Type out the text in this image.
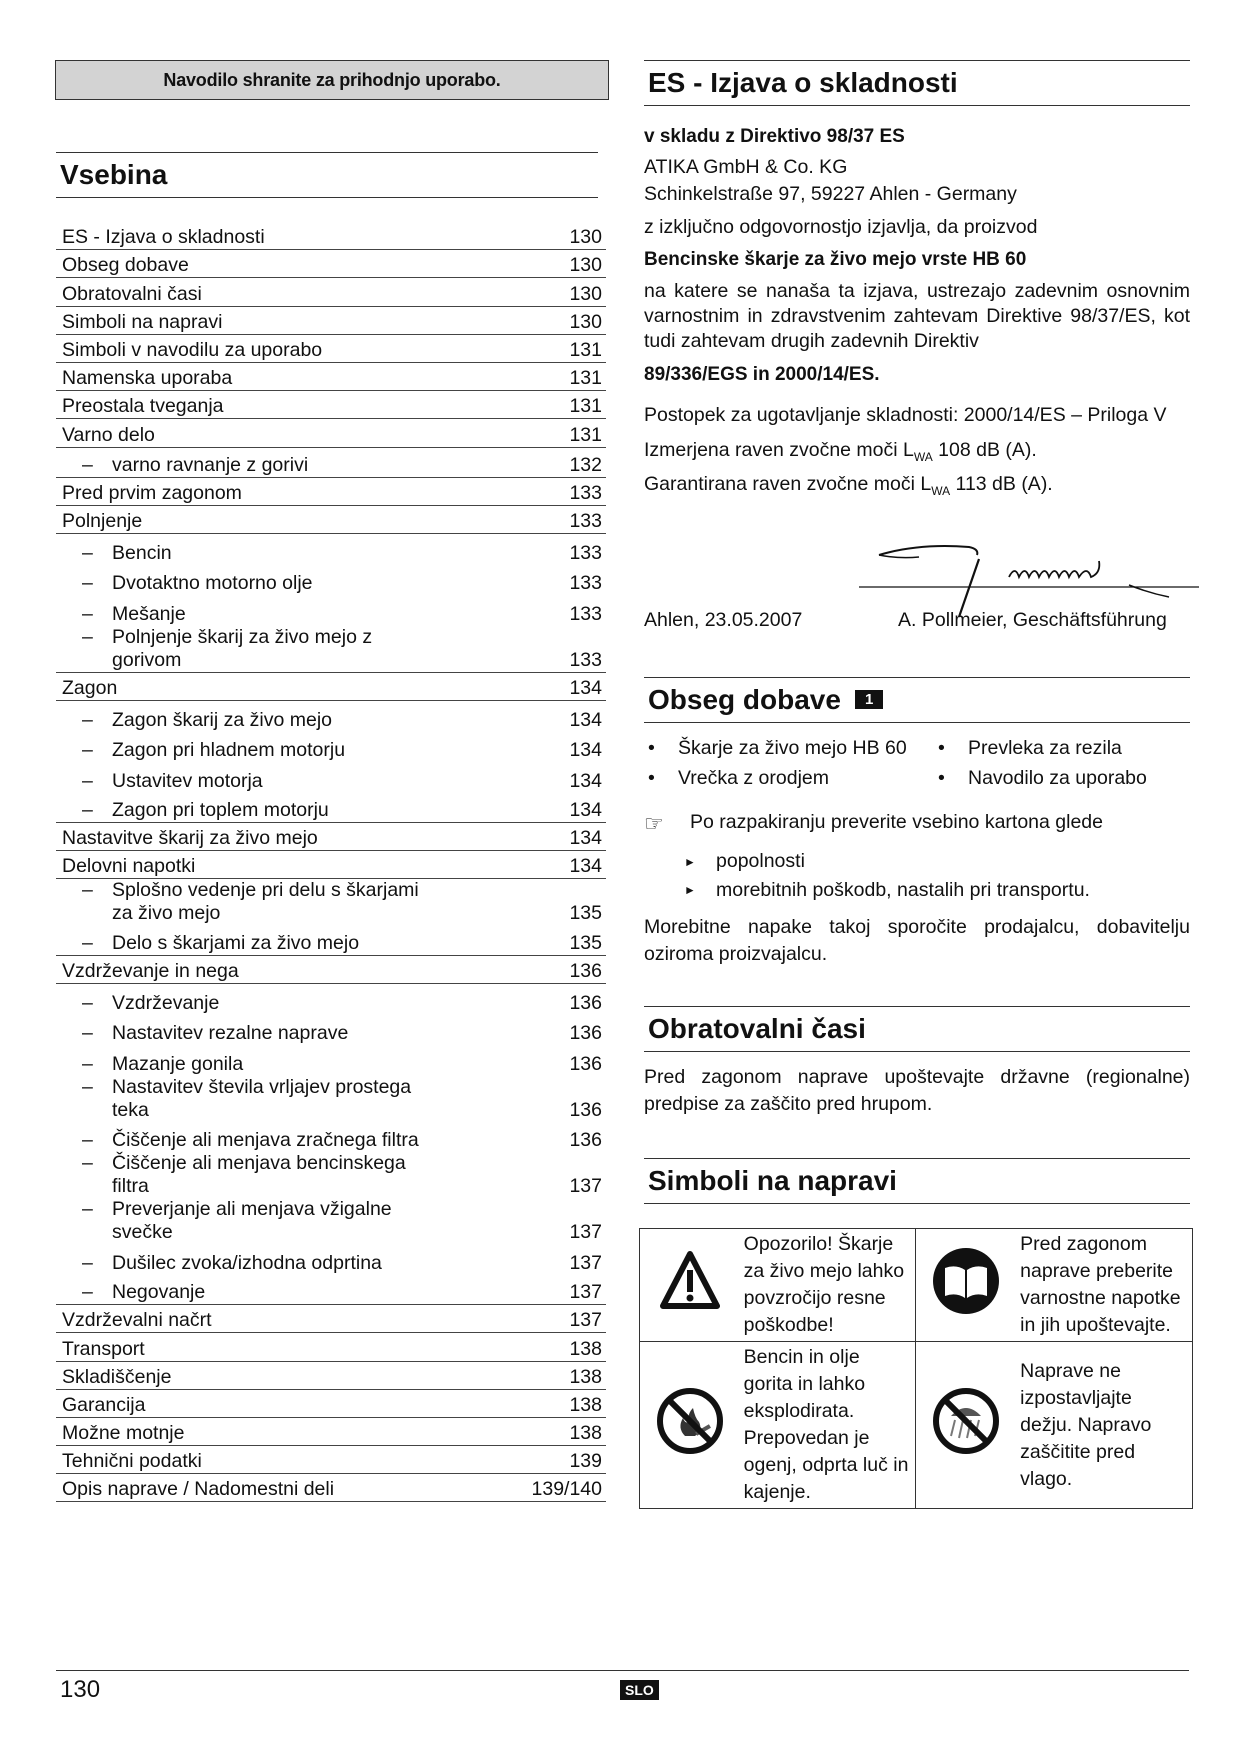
Navodilo shranite za prihodnjo uporabo.
Vsebina
ES - Izjava o skladnosti	130
Obseg dobave	130
Obratovalni časi	130
Simboli na napravi	130
Simboli v navodilu za uporabo	131
Namenska uporaba	131
Preostala tveganja	131
Varno delo	131
– varno ravnanje z gorivi	132
Pred prvim zagonom	133
Polnjenje	133
– Bencin	133
– Dvotaktno motorno olje	133
– Mešanje	133
– Polnjenje škarij za živo mejo z gorivom	133
Zagon	134
– Zagon škarij za živo mejo	134
– Zagon pri hladnem motorju	134
– Ustavitev motorja	134
– Zagon pri toplem motorju	134
Nastavitve škarij za živo mejo	134
Delovni napotki	134
– Splošno vedenje pri delu s škarjami za živo mejo	135
– Delo s škarjami za živo mejo	135
Vzdrževanje in nega	136
– Vzdrževanje	136
– Nastavitev rezalne naprave	136
– Mazanje gonila	136
– Nastavitev števila vrljajev prostega teka	136
– Čiščenje ali menjava zračnega filtra	136
– Čiščenje ali menjava bencinskega filtra	137
– Preverjanje ali menjava vžigalne svečke	137
– Dušilec zvoka/izhodna odprtina	137
– Negovanje	137
Vzdrževalni načrt	137
Transport	138
Skladiščenje	138
Garancija	138
Možne motnje	138
Tehnični podatki	139
Opis naprave / Nadomestni deli	139/140
ES - Izjava o skladnosti
v skladu z Direktivo 98/37 ES
ATIKA GmbH & Co. KG
Schinkelstraße 97, 59227 Ahlen - Germany
z izključno odgovornostjo izjavlja, da proizvod
Bencinske škarje za živo mejo vrste HB 60
na katere se nanaša ta izjava, ustrezajo zadevnim osnovnim varnostnim in zdravstvenim zahtevam Direktive 98/37/ES, kot tudi zahtevam drugih zadevnih Direktiv
89/336/EGS in 2000/14/ES.
Postopek za ugotavljanje skladnosti: 2000/14/ES – Priloga V
Izmerjena raven zvočne moči $L_{WA}$ 108 dB (A).
Garantirana raven zvočne moči $L_{WA}$ 113 dB (A).
Ahlen, 23.05.2007	A. Pollmeier, Geschäftsführung
Obseg dobave	1
• Škarje za živo mejo HB 60	• Prevleka za rezila
• Vrečka z orodjem	• Navodilo za uporabo
☞	Po razpakiranju preverite vsebino kartona glede
► popolnosti
► morebitnih poškodb, nastalih pri transportu.
Morebitne napake takoj sporočite prodajalcu, dobavitelju oziroma proizvajalcu.
Obratovalni časi
Pred zagonom naprave upoštevajte državne (regionalne) predpise za zaščito pred hrupom.
Simboli na napravi
	Opozorilo! Škarje za živo mejo lahko povzročijo resne poškodbe!		Pred zagonom naprave preberite varnostne napotke in jih upoštevajte.
	Bencin in olje gorita in lahko eksplodirata. Prepovedan je ogenj, odprta luč in kajenje.		Naprave ne izpostavljajte dežju. Napravo zaščitite pred vlago.
130	SLO
